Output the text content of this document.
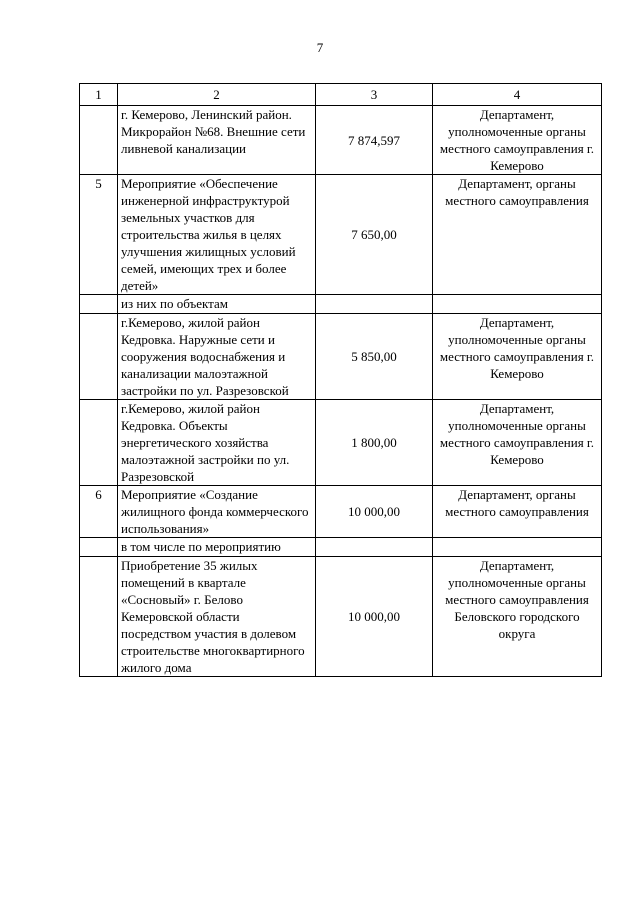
7
1	2	3	4
	г. Кемерово, Ленинский район. Микрорайон №68. Внешние сети ливневой канализации	7 874,597	Департамент, уполномоченные органы местного самоуправления г. Кемерово
5	Мероприятие «Обеспечение инженерной инфраструктурой земельных участков для строительства жилья в целях улучшения жилищных условий семей, имеющих трех и более детей»	7 650,00	Департамент, органы местного самоуправления
	из них по объектам		
	г.Кемерово, жилой район Кедровка. Наружные сети и сооружения водоснабжения и канализации малоэтажной застройки по ул. Разрезовской	5 850,00	Департамент, уполномоченные органы местного самоуправления г. Кемерово
	г.Кемерово, жилой район Кедровка. Объекты энергетического хозяйства малоэтажной застройки по ул. Разрезовской	1 800,00	Департамент, уполномоченные органы местного самоуправления г. Кемерово
6	Мероприятие «Создание жилищного фонда коммерческого использования»	10 000,00	Департамент, органы местного самоуправления
	в том числе по мероприятию		
	Приобретение 35 жилых помещений в квартале «Сосновый» г. Белово Кемеровской области посредством участия в долевом строительстве многоквартирного жилого дома	10 000,00	Департамент, уполномоченные органы местного самоуправления Беловского городского округа
